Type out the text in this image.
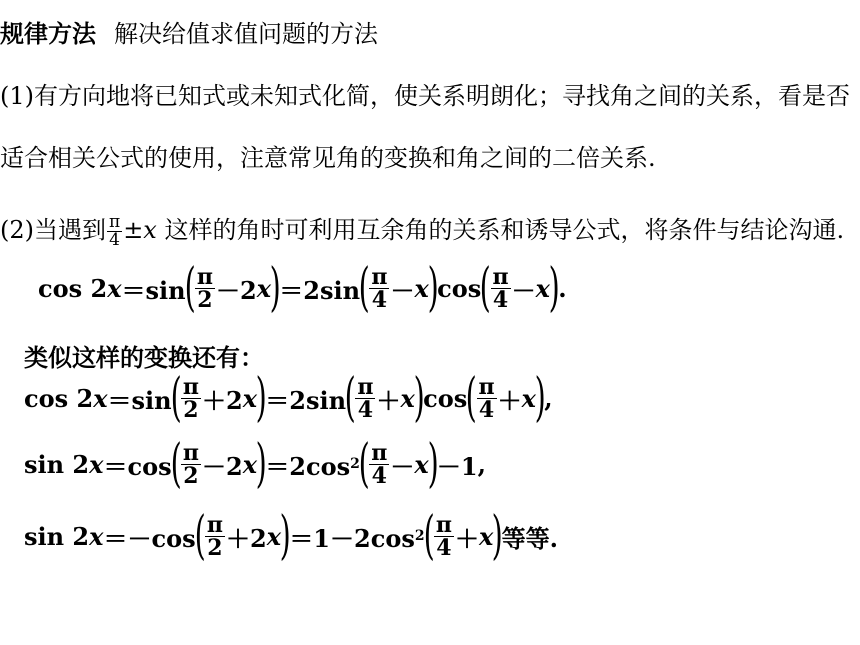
规律方法 解决给值求值问题的方法
(1)有方向地将已知式或未知式化简，使关系明朗化；寻找角之间的关系，看是否
适合相关公式的使用，注意常见角的变换和角之间的二倍关系.
(2)当遇到 $\frac{\pi}{4} \pm x$ 这样的角时可利用互余角的关系和诱导公式，将条件与结论沟通.
cos 2 x ＝sin
( $\frac{\pi}{2} -2$ x
)
＝2sin
( $\frac{\pi}{4} - x$
)
cos
( $\frac{\pi}{4} - x$
)
.
类似这样的变换还有：
cos 2 x ＝sin
( $\frac{\pi}{2} +2$ x
)
＝2sin
( $\frac{\pi}{4} + x$
)
cos
( $\frac{\pi}{4} + x$
)
,
sin 2 x ＝cos
( $\frac{\pi}{2} -2$ x
)
＝2cos 2
( $\frac{\pi}{4} - x$
)
－1 ,
sin 2 x ＝－cos
( $\frac{\pi}{2} +2$ x
)
＝1－2cos 2
( $\frac{\pi}{4} + x$
)
等等.
